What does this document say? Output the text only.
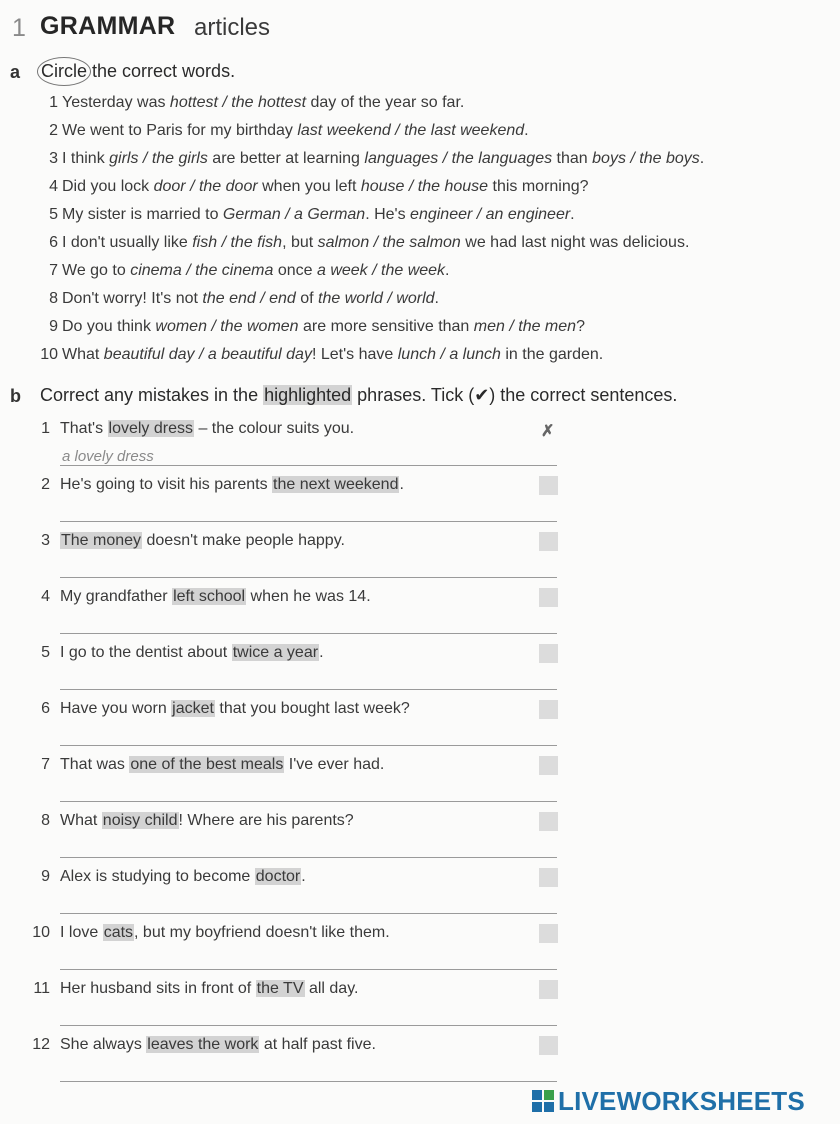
1 GRAMMAR articles
a Circle the correct words.
1 Yesterday was hottest / the hottest day of the year so far.
2 We went to Paris for my birthday last weekend / the last weekend.
3 I think girls / the girls are better at learning languages / the languages than boys / the boys.
4 Did you lock door / the door when you left house / the house this morning?
5 My sister is married to German / a German. He's engineer / an engineer.
6 I don't usually like fish / the fish, but salmon / the salmon we had last night was delicious.
7 We go to cinema / the cinema once a week / the week.
8 Don't worry! It's not the end / end of the world / world.
9 Do you think women / the women are more sensitive than men / the men?
10 What beautiful day / a beautiful day! Let's have lunch / a lunch in the garden.
b Correct any mistakes in the highlighted phrases. Tick (✔) the correct sentences.
1 That's lovely dress – the colour suits you.
a lovely dress
✗
2 He's going to visit his parents the next weekend.
3 The money doesn't make people happy.
4 My grandfather left school when he was 14.
5 I go to the dentist about twice a year.
6 Have you worn jacket that you bought last week?
7 That was one of the best meals I've ever had.
8 What noisy child! Where are his parents?
9 Alex is studying to become doctor.
10 I love cats, but my boyfriend doesn't like them.
11 Her husband sits in front of the TV all day.
12 She always leaves the work at half past five.
LIVEWORKSHEETS
